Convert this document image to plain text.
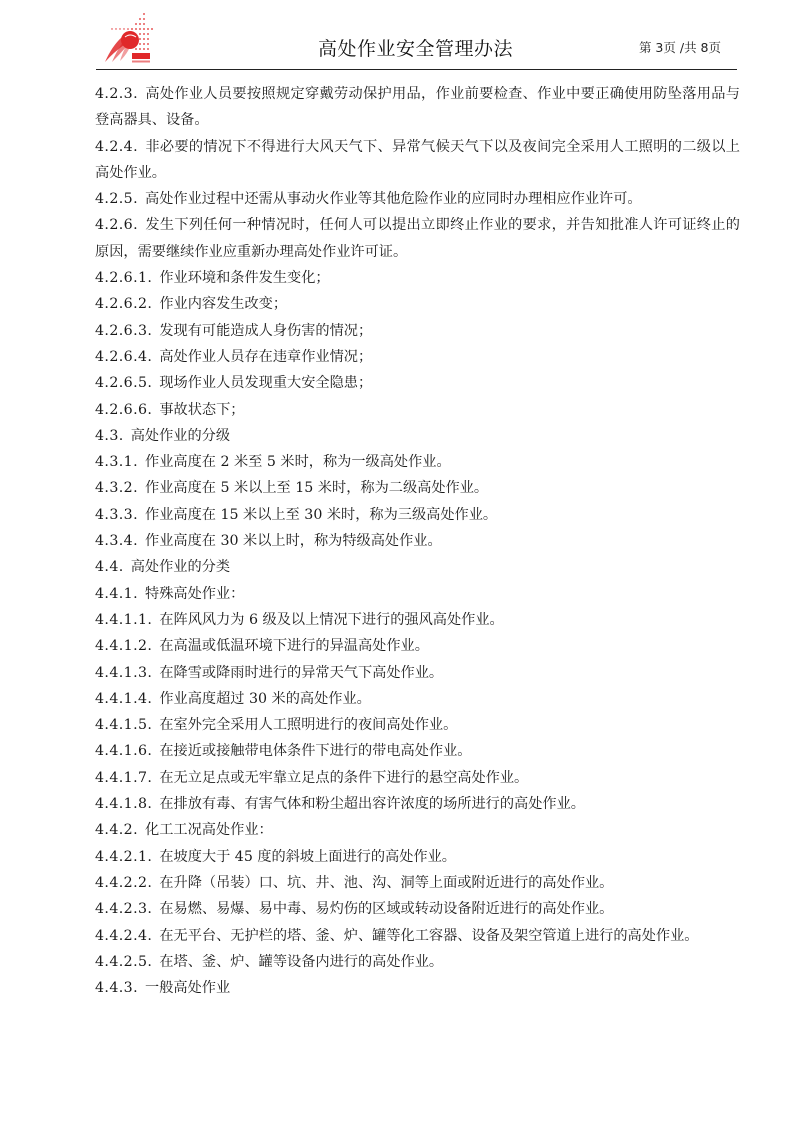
高处作业安全管理办法	第 3页 /共 8页

4.2.3. 高处作业人员要按照规定穿戴劳动保护用品，作业前要检查、作业中要正确使用防坠落用品与登高器具、设备。

4.2.4. 非必要的情况下不得进行大风天气下、异常气候天气下以及夜间完全采用人工照明的二级以上高处作业。

4.2.5. 高处作业过程中还需从事动火作业等其他危险作业的应同时办理相应作业许可。

4.2.6. 发生下列任何一种情况时，任何人可以提出立即终止作业的要求，并告知批准人许可证终止的原因，需要继续作业应重新办理高处作业许可证。

4.2.6.1. 作业环境和条件发生变化；

4.2.6.2. 作业内容发生改变；

4.2.6.3. 发现有可能造成人身伤害的情况；

4.2.6.4. 高处作业人员存在违章作业情况；

4.2.6.5. 现场作业人员发现重大安全隐患；

4.2.6.6. 事故状态下；

4.3. 高处作业的分级

4.3.1. 作业高度在 2 米至 5 米时，称为一级高处作业。

4.3.2. 作业高度在 5 米以上至 15 米时，称为二级高处作业。

4.3.3. 作业高度在 15 米以上至 30 米时，称为三级高处作业。

4.3.4. 作业高度在 30 米以上时，称为特级高处作业。

4.4. 高处作业的分类

4.4.1. 特殊高处作业：

4.4.1.1. 在阵风风力为 6 级及以上情况下进行的强风高处作业。

4.4.1.2. 在高温或低温环境下进行的异温高处作业。

4.4.1.3. 在降雪或降雨时进行的异常天气下高处作业。

4.4.1.4. 作业高度超过 30 米的高处作业。

4.4.1.5. 在室外完全采用人工照明进行的夜间高处作业。

4.4.1.6. 在接近或接触带电体条件下进行的带电高处作业。

4.4.1.7. 在无立足点或无牢靠立足点的条件下进行的悬空高处作业。

4.4.1.8. 在排放有毒、有害气体和粉尘超出容许浓度的场所进行的高处作业。

4.4.2. 化工工况高处作业：

4.4.2.1. 在坡度大于 45 度的斜坡上面进行的高处作业。

4.4.2.2. 在升降（吊装）口、坑、井、池、沟、洞等上面或附近进行的高处作业。

4.4.2.3. 在易燃、易爆、易中毒、易灼伤的区域或转动设备附近进行的高处作业。

4.4.2.4. 在无平台、无护栏的塔、釜、炉、罐等化工容器、设备及架空管道上进行的高处作业。

4.4.2.5. 在塔、釜、炉、罐等设备内进行的高处作业。

4.4.3. 一般高处作业
